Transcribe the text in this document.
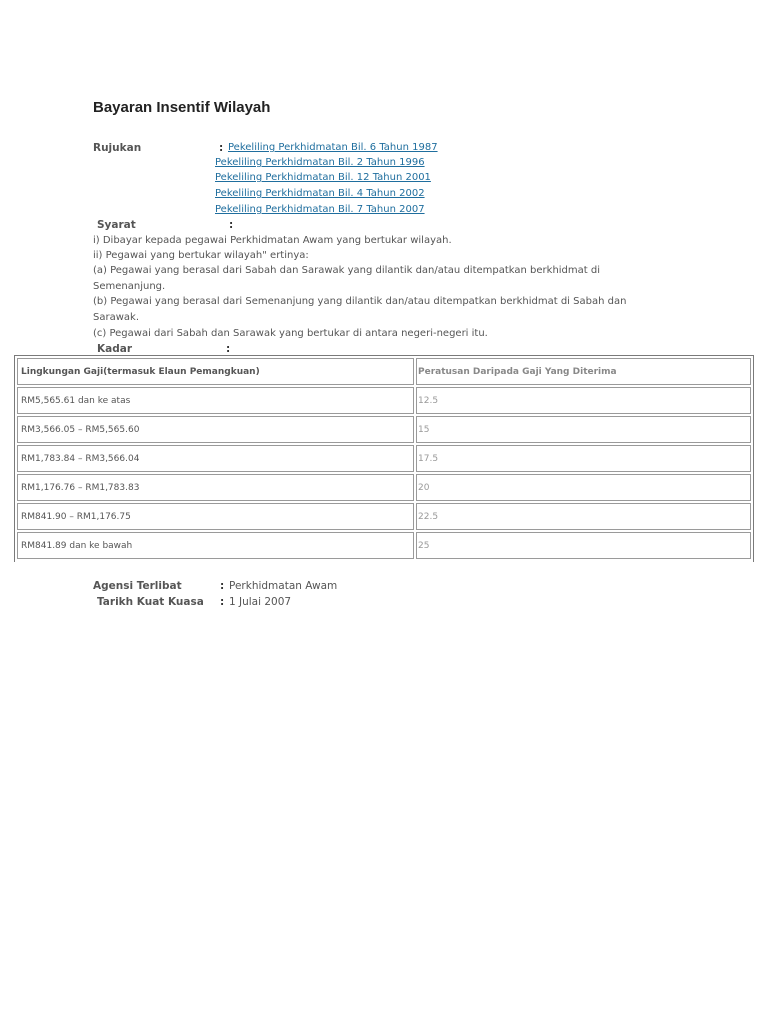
Bayaran Insentif Wilayah
Rujukan	: Pekeliling Perkhidmatan Bil. 6 Tahun 1987
Pekeliling Perkhidmatan Bil. 2 Tahun 1996
Pekeliling Perkhidmatan Bil. 12 Tahun 2001
Pekeliling Perkhidmatan Bil. 4 Tahun 2002
Pekeliling Perkhidmatan Bil. 7 Tahun 2007
Syarat	:
i) Dibayar kepada pegawai Perkhidmatan Awam yang bertukar wilayah.
ii) Pegawai yang bertukar wilayah" ertinya:
(a) Pegawai yang berasal dari Sabah dan Sarawak yang dilantik dan/atau ditempatkan berkhidmat di
Semenanjung.
(b) Pegawai yang berasal dari Semenanjung yang dilantik dan/atau ditempatkan berkhidmat di Sabah dan
Sarawak.
(c) Pegawai dari Sabah dan Sarawak yang bertukar di antara negeri-negeri itu.
Kadar	:
Lingkungan Gaji(termasuk Elaun Pemangkuan)	Peratusan Daripada Gaji Yang Diterima
RM5,565.61 dan ke atas	12.5
RM3,566.05 – RM5,565.60	15
RM1,783.84 – RM3,566.04	17.5
RM1,176.76 – RM1,783.83	20
RM841.90 – RM1,176.75	22.5
RM841.89 dan ke bawah	25
Agensi Terlibat	: Perkhidmatan Awam
Tarikh Kuat Kuasa : 1 Julai 2007
